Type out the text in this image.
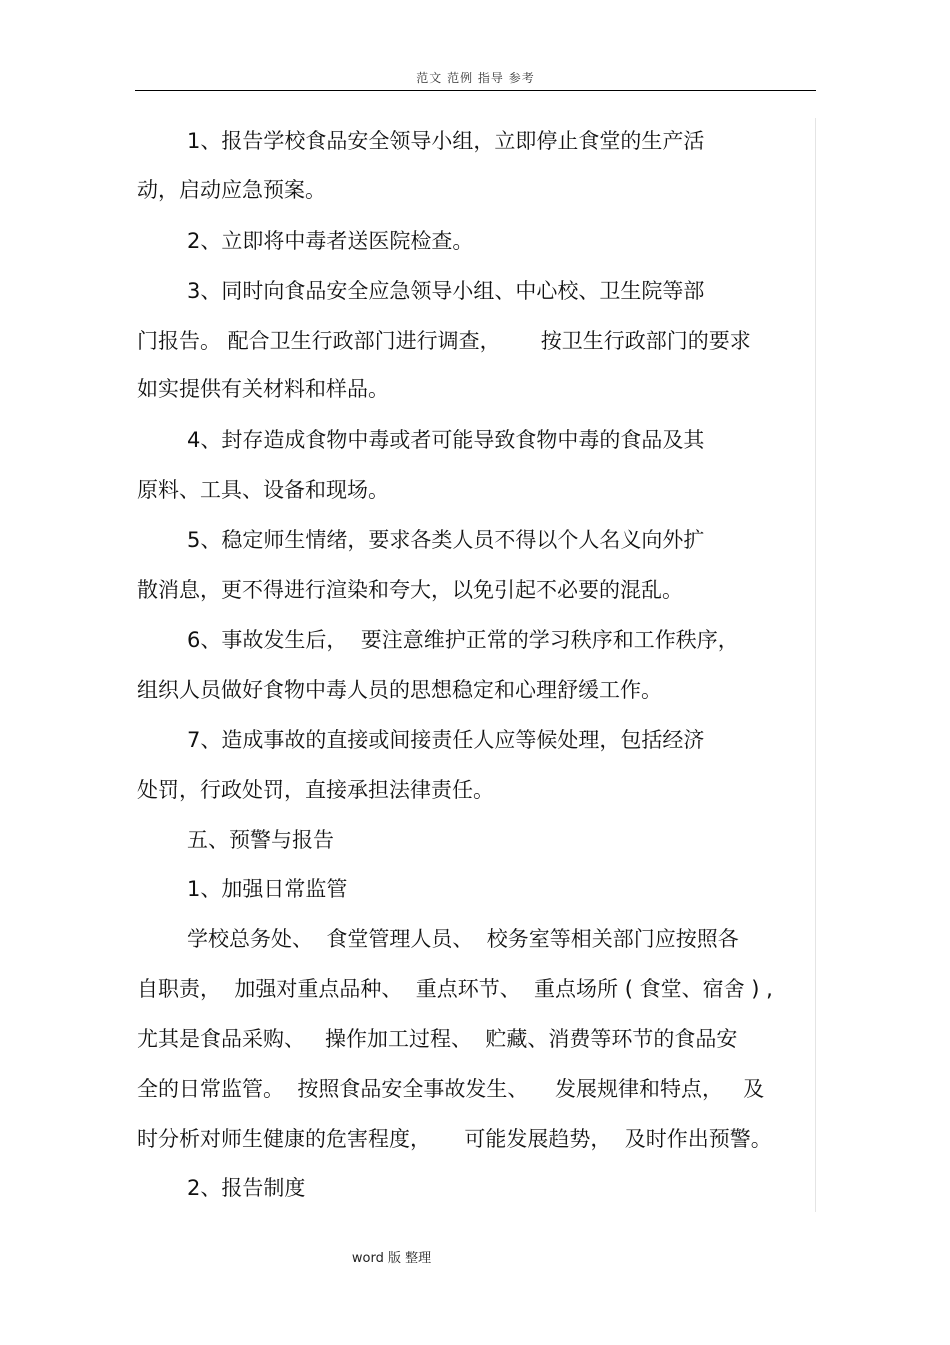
范文 范例 指导 参考
1、报告学校食品安全领导小组，立即停止食堂的生产活
动，启动应急预案。
2、立即将中毒者送医院检查。
3、同时向食品安全应急领导小组、中心校、卫生院等部
门报告。 配合卫生行政部门进行调查，      按卫生行政部门的要求
如实提供有关材料和样品。
4、封存造成食物中毒或者可能导致食物中毒的食品及其
原料、工具、设备和现场。
5、稳定师生情绪，要求各类人员不得以个人名义向外扩
散消息，更不得进行渲染和夸大，以免引起不必要的混乱。
6、事故发生后，  要注意维护正常的学习秩序和工作秩序，
组织人员做好食物中毒人员的思想稳定和心理舒缓工作。
7、造成事故的直接或间接责任人应等候处理，包括经济
处罚，行政处罚，直接承担法律责任。
五、预警与报告
1、加强日常监管
学校总务处、  食堂管理人员、  校务室等相关部门应按照各
自职责，  加强对重点品种、  重点环节、  重点场所 ( 食堂、宿舍 ) ,
尤其是食品采购、   操作加工过程、  贮藏、消费等环节的食品安
全的日常监管。  按照食品安全事故发生、    发展规律和特点，   及
时分析对师生健康的危害程度，     可能发展趋势，  及时作出预警。
2、报告制度
word 版 整理
